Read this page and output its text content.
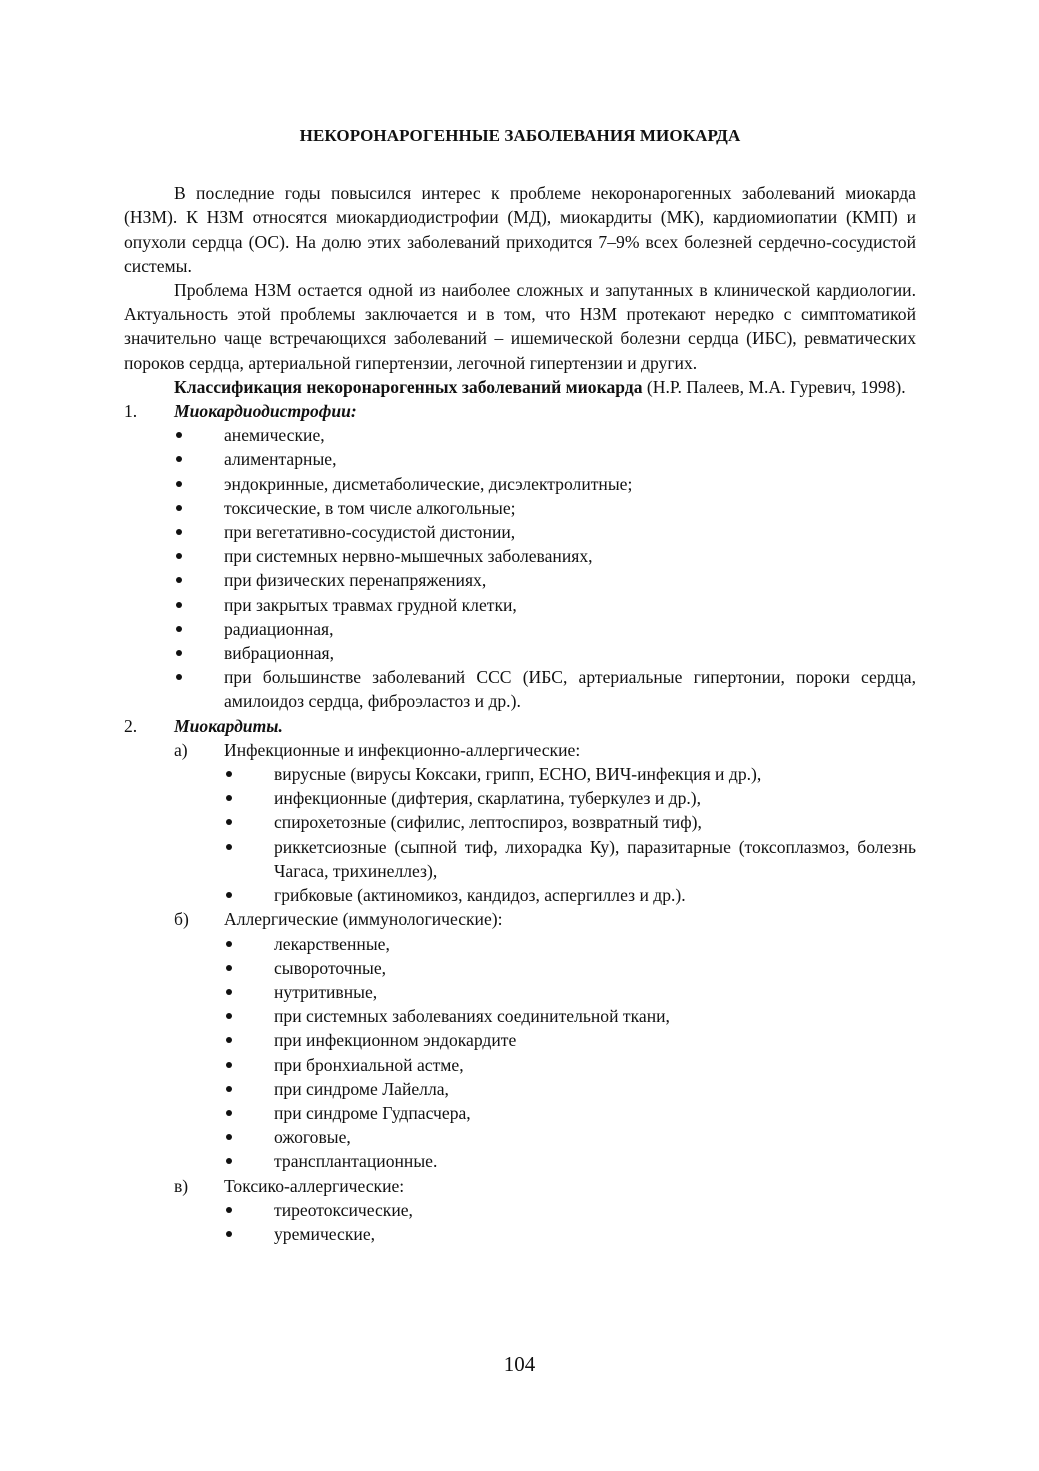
НЕКОРОНАРОГЕННЫЕ ЗАБОЛЕВАНИЯ МИОКАРДА

В последние годы повысился интерес к проблеме некоронарогенных заболеваний миокарда (НЗМ). К НЗМ относятся миокардиодистрофии (МД), миокардиты (МК), кардиомиопатии (КМП) и опухоли сердца (ОС). На долю этих заболеваний приходится 7–9% всех болезней сердечно-сосудистой системы.

Проблема НЗМ остается одной из наиболее сложных и запутанных в клинической кардиологии. Актуальность этой проблемы заключается и в том, что НЗМ протекают нередко с симптоматикой значительно чаще встречающихся заболеваний – ишемической болезни сердца (ИБС), ревматических пороков сердца, артериальной гипертензии, легочной гипертензии и других.

Классификация некоронарогенных заболеваний миокарда (Н.Р. Палеев, М.А. Гуревич, 1998).

1.	Миокардиодистрофии:
анемические,
алиментарные,
эндокринные, дисметаболические, дисэлектролитные;
токсические, в том числе алкогольные;
при вегетативно-сосудистой дистонии,
при системных нервно-мышечных заболеваниях,
при физических перенапряжениях,
при закрытых травмах грудной клетки,
радиационная,
вибрационная,
при большинстве заболеваний ССС (ИБС, артериальные гипертонии, пороки сердца, амилоидоз сердца, фиброэластоз и др.).
2.	Миокардиты.
а)	Инфекционные и инфекционно-аллергические:
вирусные (вирусы Коксаки, грипп, ЕСНО, ВИЧ-инфекция и др.),
инфекционные (дифтерия, скарлатина, туберкулез и др.),
спирохетозные (сифилис, лептоспироз, возвратный тиф),
риккетсиозные (сыпной тиф, лихорадка Ку), паразитарные (токсоплазмоз, болезнь Чагаса, трихинеллез),
грибковые (актиномикоз, кандидоз, аспергиллез и др.).
б)	Аллергические (иммунологические):
лекарственные,
сывороточные,
нутритивные,
при системных заболеваниях соединительной ткани,
при инфекционном эндокардите
при бронхиальной астме,
при синдроме Лайелла,
при синдроме Гудпасчера,
ожоговые,
трансплантационные.
в)	Токсико-аллергические:
тиреотоксические,
уремические,
104
